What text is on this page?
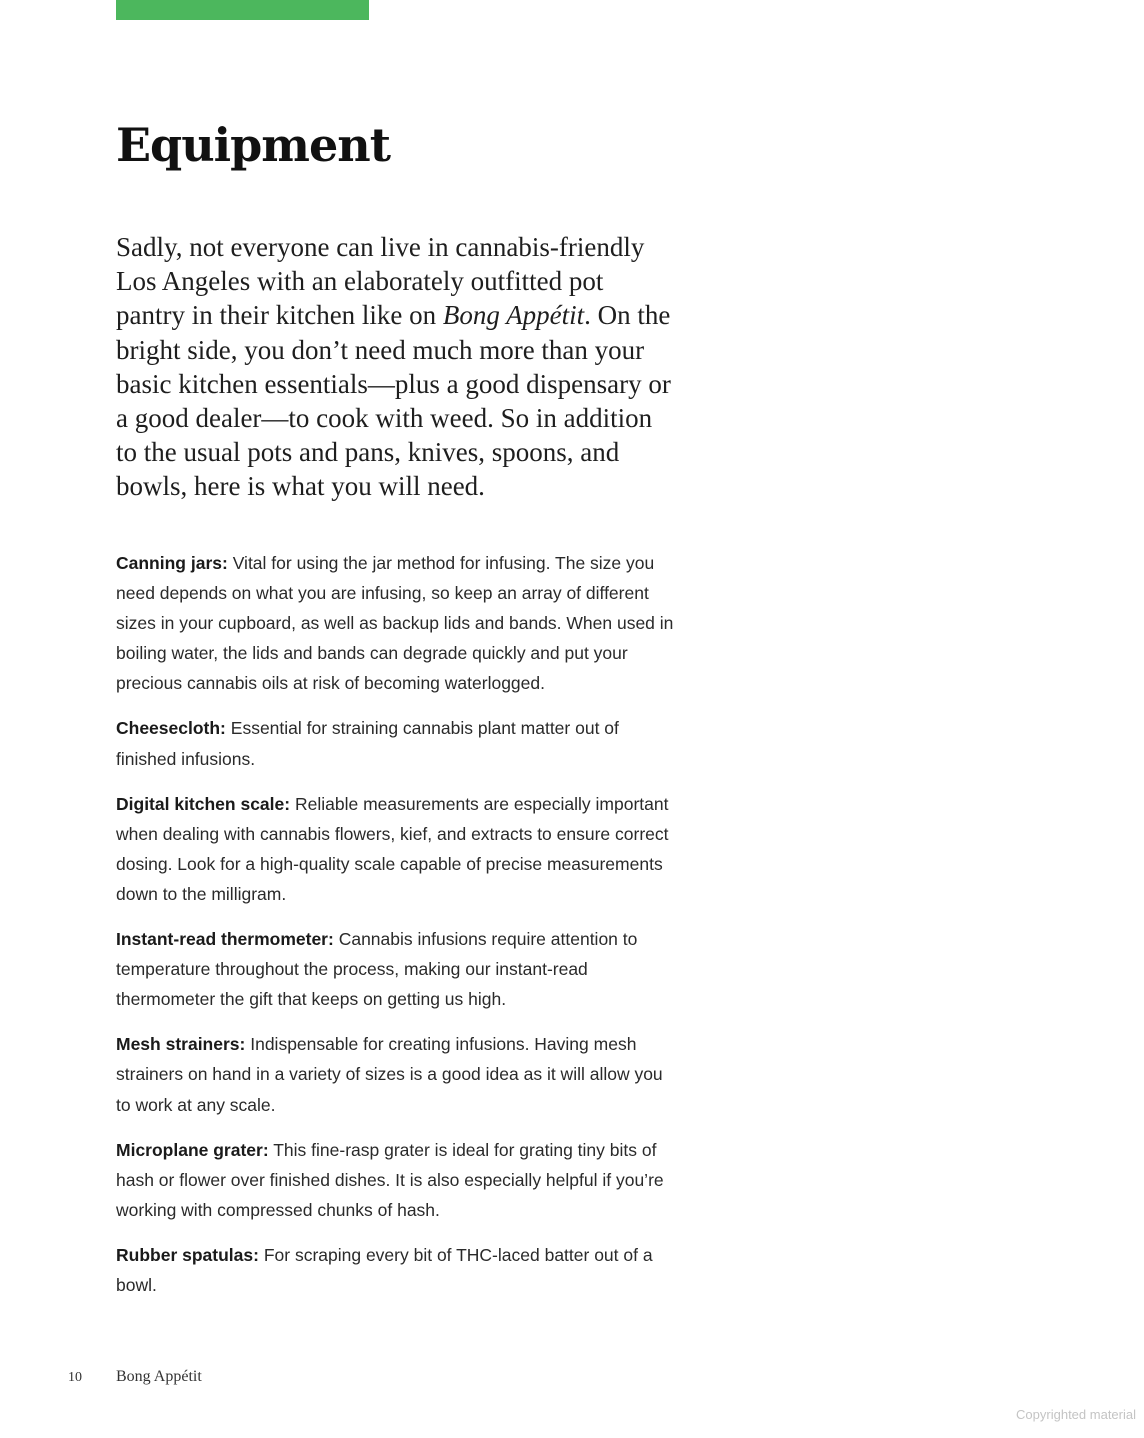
Equipment

Sadly, not everyone can live in cannabis-friendly Los Angeles with an elaborately outfitted pot pantry in their kitchen like on Bong Appétit. On the bright side, you don’t need much more than your basic kitchen essentials—plus a good dispensary or a good dealer—to cook with weed. So in addition to the usual pots and pans, knives, spoons, and bowls, here is what you will need.

Canning jars: Vital for using the jar method for infusing. The size you need depends on what you are infusing, so keep an array of different sizes in your cupboard, as well as backup lids and bands. When used in boiling water, the lids and bands can degrade quickly and put your precious cannabis oils at risk of becoming waterlogged.

Cheesecloth: Essential for straining cannabis plant matter out of finished infusions.

Digital kitchen scale: Reliable measurements are especially important when dealing with cannabis flowers, kief, and extracts to ensure correct dosing. Look for a high-quality scale capable of precise measurements down to the milligram.

Instant-read thermometer: Cannabis infusions require attention to temperature throughout the process, making our instant-read thermometer the gift that keeps on getting us high.

Mesh strainers: Indispensable for creating infusions. Having mesh strainers on hand in a variety of sizes is a good idea as it will allow you to work at any scale.

Microplane grater: This fine-rasp grater is ideal for grating tiny bits of hash or flower over finished dishes. It is also especially helpful if you’re working with compressed chunks of hash.

Rubber spatulas: For scraping every bit of THC-laced batter out of a bowl.

10 Bong Appétit
Copyrighted material
